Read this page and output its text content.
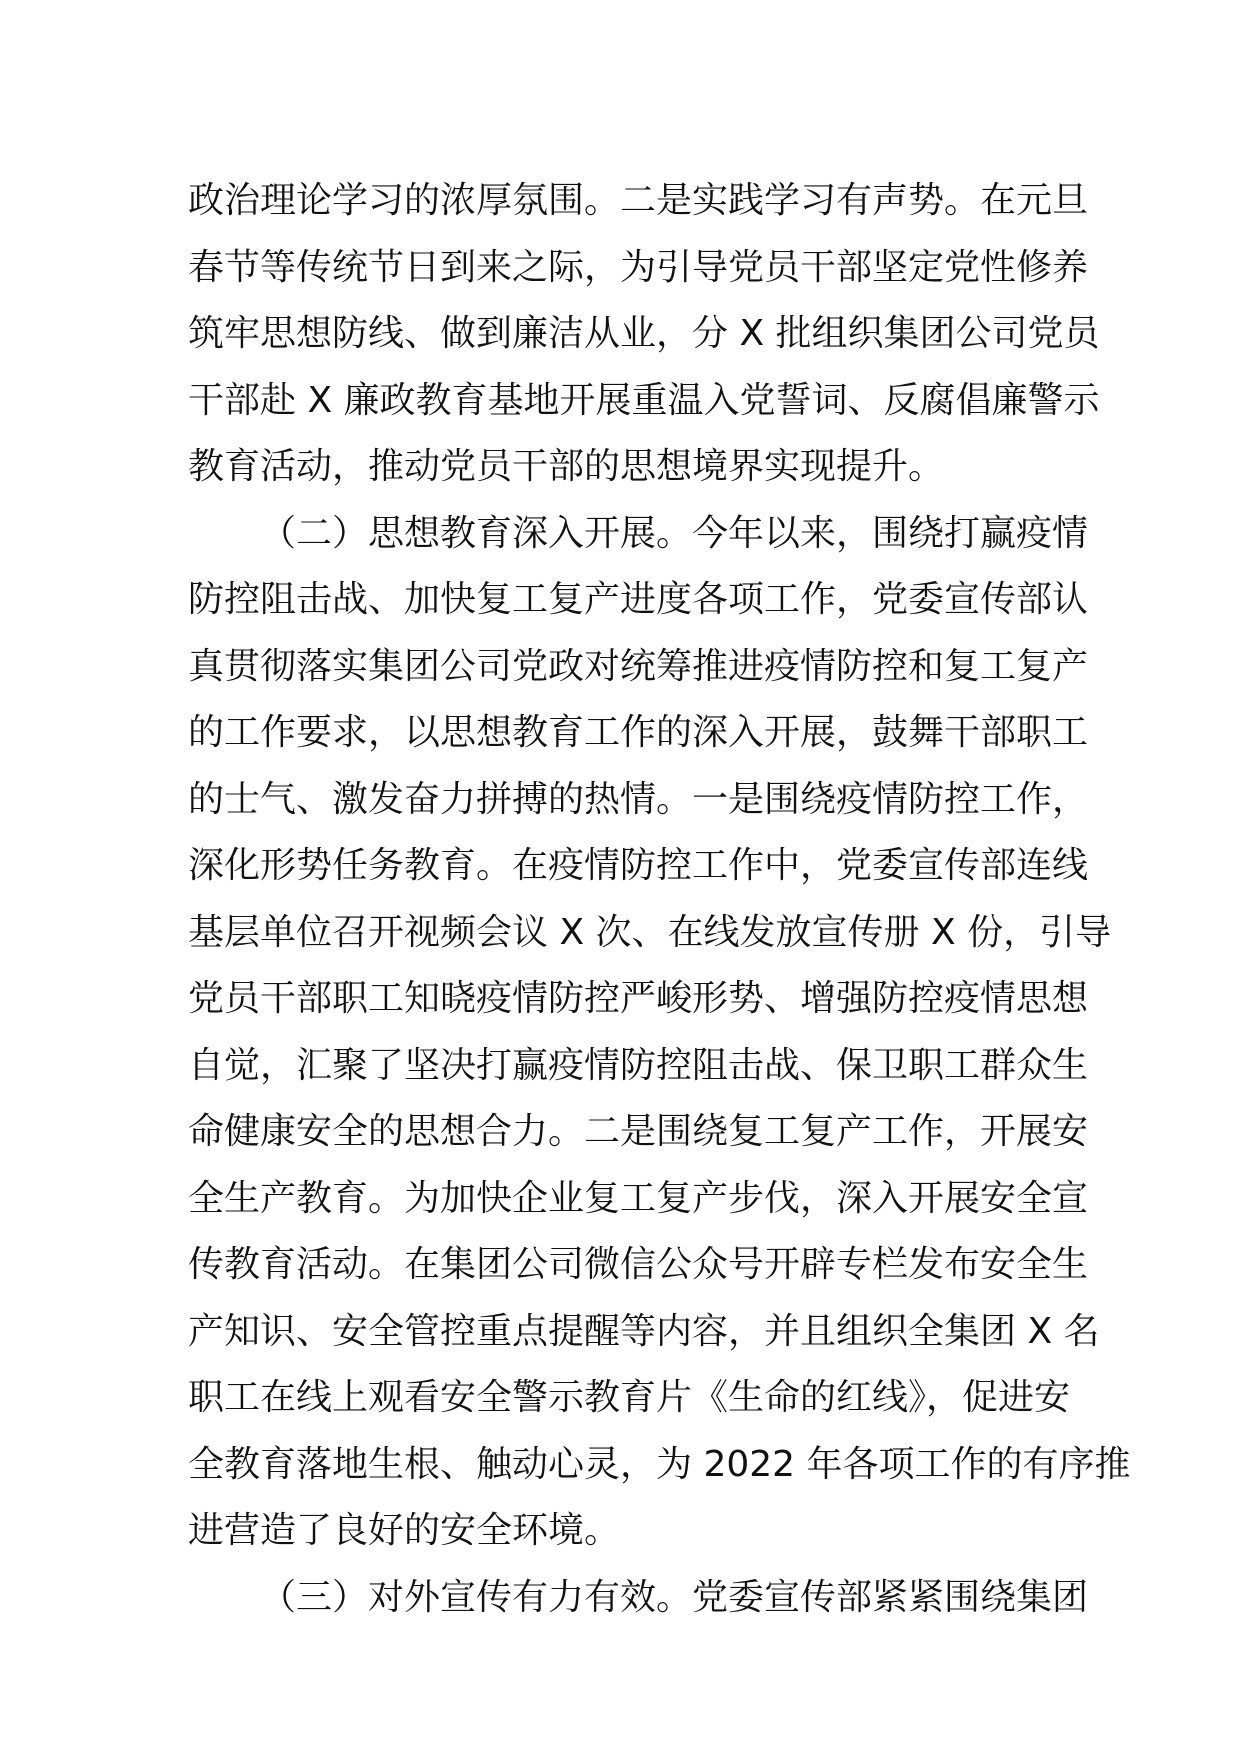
政治理论学习的浓厚氛围。二是实践学习有声势。在元旦
春节等传统节日到来之际，为引导党员干部坚定党性修养
筑牢思想防线、做到廉洁从业，分 X 批组织集团公司党员
干部赴 X 廉政教育基地开展重温入党誓词、反腐倡廉警示
教育活动，推动党员干部的思想境界实现提升。
（二）思想教育深入开展。今年以来，围绕打赢疫情
防控阻击战、加快复工复产进度各项工作，党委宣传部认
真贯彻落实集团公司党政对统筹推进疫情防控和复工复产
的工作要求，以思想教育工作的深入开展，鼓舞干部职工
的士气、激发奋力拼搏的热情。一是围绕疫情防控工作，
深化形势任务教育。在疫情防控工作中，党委宣传部连线
基层单位召开视频会议 X 次、在线发放宣传册 X 份，引导
党员干部职工知晓疫情防控严峻形势、增强防控疫情思想
自觉，汇聚了坚决打赢疫情防控阻击战、保卫职工群众生
命健康安全的思想合力。二是围绕复工复产工作，开展安
全生产教育。为加快企业复工复产步伐，深入开展安全宣
传教育活动。在集团公司微信公众号开辟专栏发布安全生
产知识、安全管控重点提醒等内容，并且组织全集团 X 名
职工在线上观看安全警示教育片《生命的红线》，促进安
全教育落地生根、触动心灵，为 2022 年各项工作的有序推
进营造了良好的安全环境。
（三）对外宣传有力有效。党委宣传部紧紧围绕集团
